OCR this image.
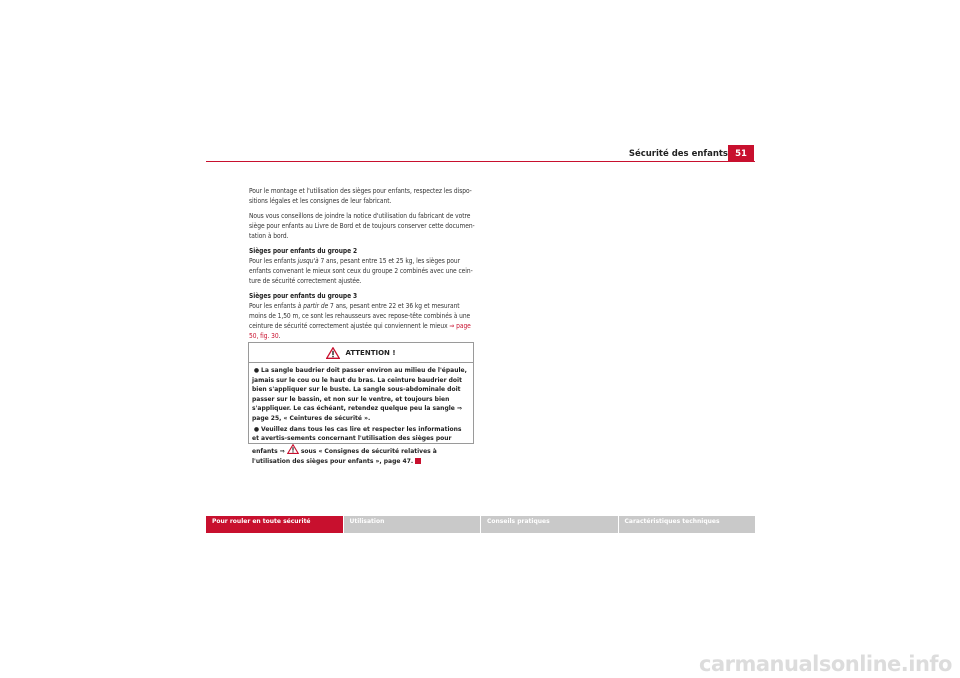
Sécurité des enfants 51

Pour le montage et l'utilisation des sièges pour enfants, respectez les dispo-sitions légales et les consignes de leur fabricant.

Nous vous conseillons de joindre la notice d'utilisation du fabricant de votre siège pour enfants au Livre de Bord et de toujours conserver cette documen-tation à bord.

Sièges pour enfants du groupe 2

Pour les enfants jusqu'à 7 ans, pesant entre 15 et 25 kg, les sièges pour enfants convenant le mieux sont ceux du groupe 2 combinés avec une cein-ture de sécurité correctement ajustée.

Sièges pour enfants du groupe 3

Pour les enfants à partir de 7 ans, pesant entre 22 et 36 kg et mesurant moins de 1,50 m, ce sont les rehausseurs avec repose-tête combinés à une ceinture de sécurité correctement ajustée qui conviennent le mieux ⇒ page 50, fig. 30.

ATTENTION !
● La sangle baudrier doit passer environ au milieu de l'épaule, jamais sur le cou ou le haut du bras. La ceinture baudrier doit bien s'appliquer sur le buste. La sangle sous-abdominale doit passer sur le bassin, et non sur le ventre, et toujours bien s'appliquer. Le cas échéant, retendez quelque peu la sangle ⇒ page 25, « Ceintures de sécurité ».
● Veuillez dans tous les cas lire et respecter les informations et avertis-sements concernant l'utilisation des sièges pour enfants ⇒	sous « Consignes de sécurité relatives à l'utilisation des sièges pour enfants », page 47.
Pour rouler en toute sécurité	Utilisation	Conseils pratiques	Caractéristiques techniques
carmanualsonline.info
